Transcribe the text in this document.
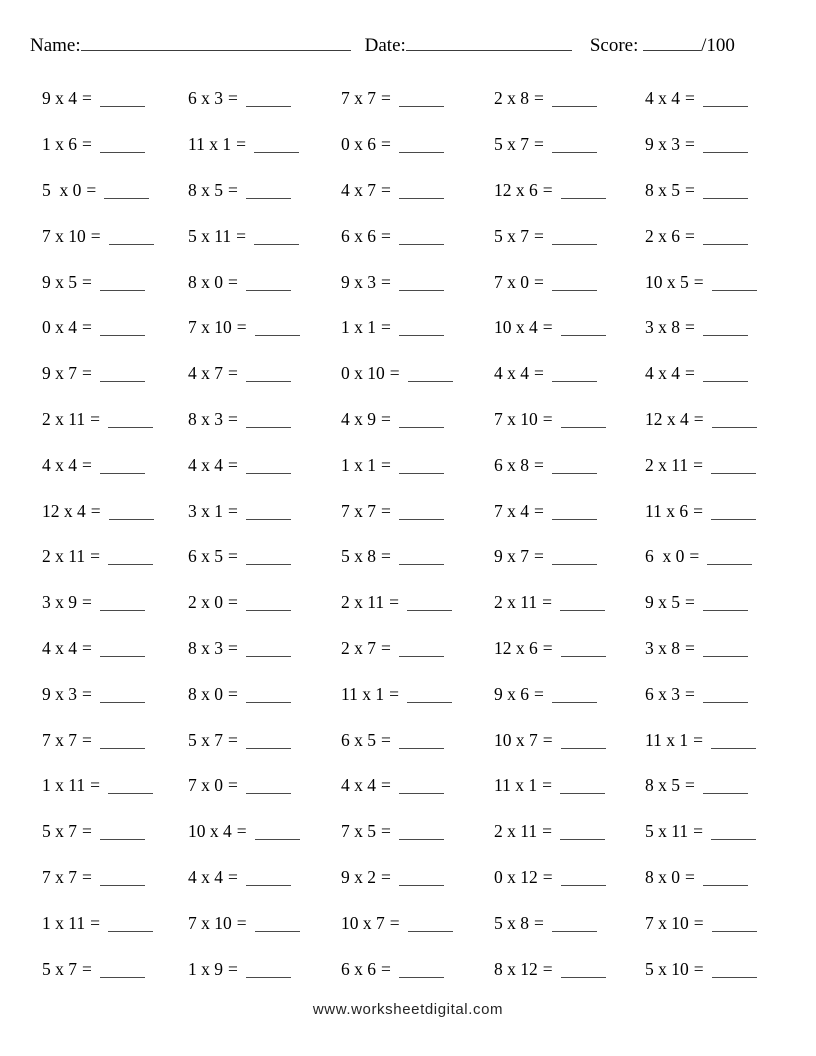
Name:	Date:	Score:
	/100
9 x 4 =	6 x 3 =	7 x 7 =	2 x 8 =	4 x 4 =
1 x 6 =	11 x 1 =	0 x 6 =	5 x 7 =	9 x 3 =
5  x 0 =	8 x 5 =	4 x 7 =	12 x 6 =	8 x 5 =
7 x 10 =	5 x 11 =	6 x 6 =	5 x 7 =	2 x 6 =
9 x 5 =	8 x 0 =	9 x 3 =	7 x 0 =	10 x 5 =
0 x 4 =	7 x 10 =	1 x 1 =	10 x 4 =	3 x 8 =
9 x 7 =	4 x 7 =	0 x 10 =	4 x 4 =	4 x 4 =
2 x 11 =	8 x 3 =	4 x 9 =	7 x 10 =	12 x 4 =
4 x 4 =	4 x 4 =	1 x 1 =	6 x 8 =	2 x 11 =
12 x 4 =	3 x 1 =	7 x 7 =	7 x 4 =	11 x 6 =
2 x 11 =	6 x 5 =	5 x 8 =	9 x 7 =	6  x 0 =
3 x 9 =	2 x 0 =	2 x 11 =	2 x 11 =	9 x 5 =
4 x 4 =	8 x 3 =	2 x 7 =	12 x 6 =	3 x 8 =
9 x 3 =	8 x 0 =	11 x 1 =	9 x 6 =	6 x 3 =
7 x 7 =	5 x 7 =	6 x 5 =	10 x 7 =	11 x 1 =
1 x 11 =	7 x 0 =	4 x 4 =	11 x 1 =	8 x 5 =
5 x 7 =	10 x 4 =	7 x 5 =	2 x 11 =	5 x 11 =
7 x 7 =	4 x 4 =	9 x 2 =	0 x 12 =	8 x 0 =
1 x 11 =	7 x 10 =	10 x 7 =	5 x 8 =	7 x 10 =
5 x 7 =	1 x 9 =	6 x 6 =	8 x 12 =	5 x 10 =
www.worksheetdigital.com
